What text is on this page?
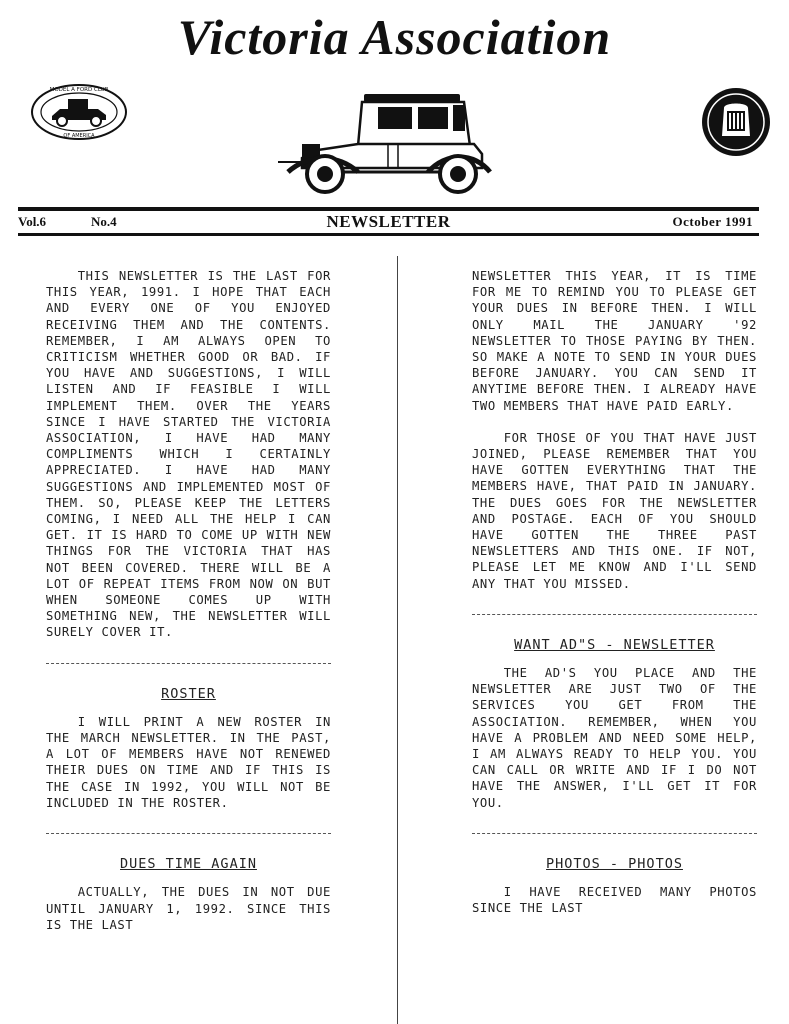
Victoria Association
MODEL A FORD CLUB
OF AMERICA
Vol.6	No.4	NEWSLETTER	October 1991

THIS NEWSLETTER IS THE LAST FOR THIS YEAR, 1991. I HOPE THAT EACH AND EVERY ONE OF YOU ENJOYED RECEIVING THEM AND THE CONTENTS. REMEMBER, I AM ALWAYS OPEN TO CRITICISM WHETHER GOOD OR BAD. IF YOU HAVE AND SUGGESTIONS, I WILL LISTEN AND IF FEASIBLE I WILL IMPLEMENT THEM. OVER THE YEARS SINCE I HAVE STARTED THE VICTORIA ASSOCIATION, I HAVE HAD MANY COMPLIMENTS WHICH I CERTAINLY APPRECIATED. I HAVE HAD MANY SUGGESTIONS AND IMPLEMENTED MOST OF THEM. SO, PLEASE KEEP THE LETTERS COMING, I NEED ALL THE HELP I CAN GET. IT IS HARD TO COME UP WITH NEW THINGS FOR THE VICTORIA THAT HAS NOT BEEN COVERED. THERE WILL BE A LOT OF REPEAT ITEMS FROM NOW ON BUT WHEN SOMEONE COMES UP WITH SOMETHING NEW, THE NEWSLETTER WILL SURELY COVER IT.

ROSTER

I WILL PRINT A NEW ROSTER IN THE MARCH NEWSLETTER. IN THE PAST, A LOT OF MEMBERS HAVE NOT RENEWED THEIR DUES ON TIME AND IF THIS IS THE CASE IN 1992, YOU WILL NOT BE INCLUDED IN THE ROSTER.

DUES TIME AGAIN

ACTUALLY, THE DUES IN NOT DUE UNTIL JANUARY 1, 1992. SINCE THIS IS THE LAST

NEWSLETTER THIS YEAR, IT IS TIME FOR ME TO REMIND YOU TO PLEASE GET YOUR DUES IN BEFORE THEN. I WILL ONLY MAIL THE JANUARY '92 NEWSLETTER TO THOSE PAYING BY THEN. SO MAKE A NOTE TO SEND IN YOUR DUES BEFORE JANUARY. YOU CAN SEND IT ANYTIME BEFORE THEN. I ALREADY HAVE TWO MEMBERS THAT HAVE PAID EARLY.

FOR THOSE OF YOU THAT HAVE JUST JOINED, PLEASE REMEMBER THAT YOU HAVE GOTTEN EVERYTHING THAT THE MEMBERS HAVE, THAT PAID IN JANUARY. THE DUES GOES FOR THE NEWSLETTER AND POSTAGE. EACH OF YOU SHOULD HAVE GOTTEN THE THREE PAST NEWSLETTERS AND THIS ONE. IF NOT, PLEASE LET ME KNOW AND I'LL SEND ANY THAT YOU MISSED.

WANT AD"S - NEWSLETTER

THE AD'S YOU PLACE AND THE NEWSLETTER ARE JUST TWO OF THE SERVICES YOU GET FROM THE ASSOCIATION. REMEMBER, WHEN YOU HAVE A PROBLEM AND NEED SOME HELP, I AM ALWAYS READY TO HELP YOU. YOU CAN CALL OR WRITE AND IF I DO NOT HAVE THE ANSWER, I'LL GET IT FOR YOU.

PHOTOS - PHOTOS

I HAVE RECEIVED MANY PHOTOS SINCE THE LAST
